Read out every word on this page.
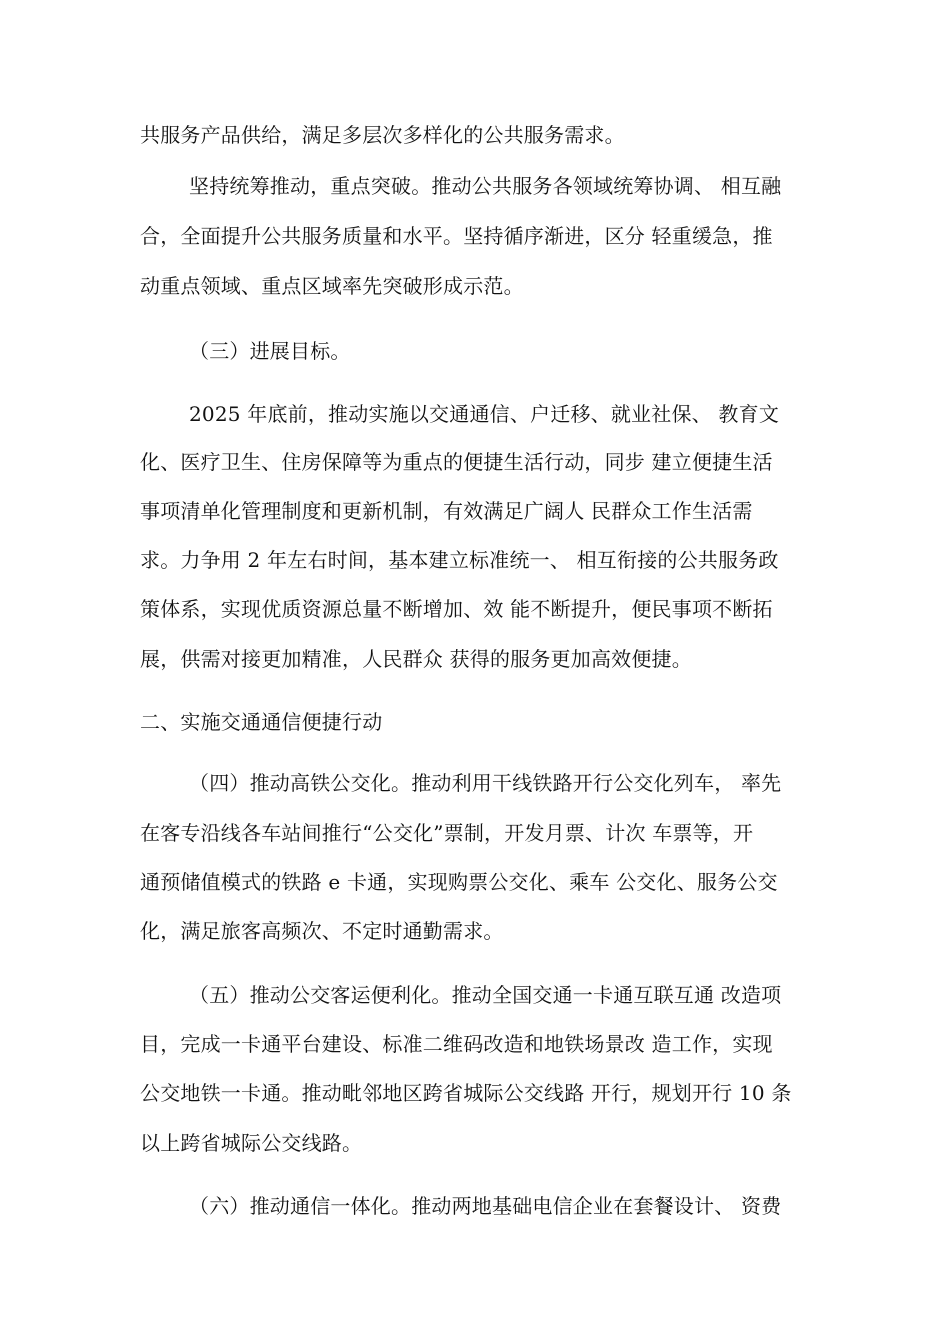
共服务产品供给，满足多层次多样化的公共服务需求。

坚持统筹推动，重点突破。推动公共服务各领域统筹协调、 相互融

合，全面提升公共服务质量和水平。坚持循序渐进，区分 轻重缓急，推

动重点领域、重点区域率先突破形成示范。

（三）进展目标。

2025 年底前，推动实施以交通通信、户迁移、就业社保、 教育文

化、医疗卫生、住房保障等为重点的便捷生活行动，同步 建立便捷生活

事项清单化管理制度和更新机制，有效满足广阔人 民群众工作生活需

求。力争用 2 年左右时间，基本建立标准统一、 相互衔接的公共服务政

策体系，实现优质资源总量不断增加、效 能不断提升，便民事项不断拓

展，供需对接更加精准，人民群众 获得的服务更加高效便捷。

二、实施交通通信便捷行动

（四）推动高铁公交化。推动利用干线铁路开行公交化列车， 率先

在客专沿线各车站间推行“公交化”票制，开发月票、计次 车票等，开

通预储值模式的铁路 e 卡通，实现购票公交化、乘车 公交化、服务公交

化，满足旅客高频次、不定时通勤需求。

（五）推动公交客运便利化。推动全国交通一卡通互联互通 改造项

目，完成一卡通平台建设、标准二维码改造和地铁场景改 造工作，实现

公交地铁一卡通。推动毗邻地区跨省城际公交线路 开行，规划开行 10 条

以上跨省城际公交线路。

（六）推动通信一体化。推动两地基础电信企业在套餐设计、 资费
